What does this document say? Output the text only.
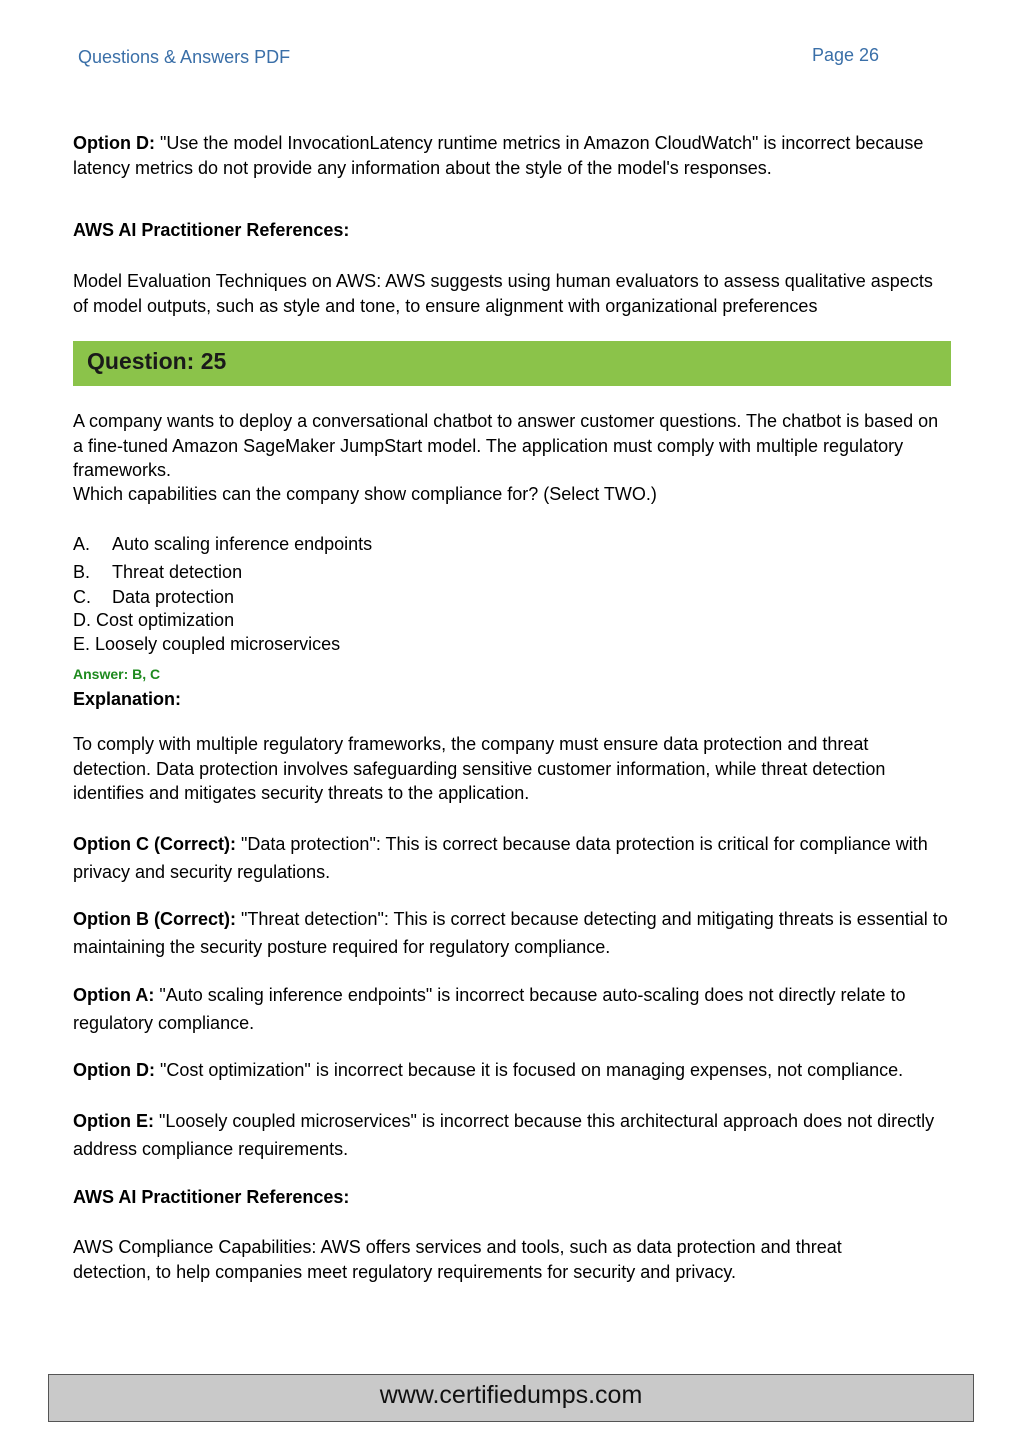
Questions & Answers PDF	Page 26

Option D: "Use the model InvocationLatency runtime metrics in Amazon CloudWatch" is incorrect because latency metrics do not provide any information about the style of the model's responses.

AWS AI Practitioner References:

Model Evaluation Techniques on AWS: AWS suggests using human evaluators to assess qualitative aspects of model outputs, such as style and tone, to ensure alignment with organizational preferences

Question: 25

A company wants to deploy a conversational chatbot to answer customer questions. The chatbot is based on a fine-tuned Amazon SageMaker JumpStart model. The application must comply with multiple regulatory frameworks.

Which capabilities can the company show compliance for? (Select TWO.)

A. Auto scaling inference endpoints

B. Threat detection

C. Data protection

D. Cost optimization

E. Loosely coupled microservices

Answer: B, C

Explanation:

To comply with multiple regulatory frameworks, the company must ensure data protection and threat detection. Data protection involves safeguarding sensitive customer information, while threat detection identifies and mitigates security threats to the application.

Option C (Correct): "Data protection": This is correct because data protection is critical for compliance with privacy and security regulations.

Option B (Correct): "Threat detection": This is correct because detecting and mitigating threats is essential to maintaining the security posture required for regulatory compliance.

Option A: "Auto scaling inference endpoints" is incorrect because auto-scaling does not directly relate to regulatory compliance.

Option D: "Cost optimization" is incorrect because it is focused on managing expenses, not compliance.

Option E: "Loosely coupled microservices" is incorrect because this architectural approach does not directly address compliance requirements.

AWS AI Practitioner References:

AWS Compliance Capabilities: AWS offers services and tools, such as data protection and threat detection, to help companies meet regulatory requirements for security and privacy.

www.certifiedumps.com
